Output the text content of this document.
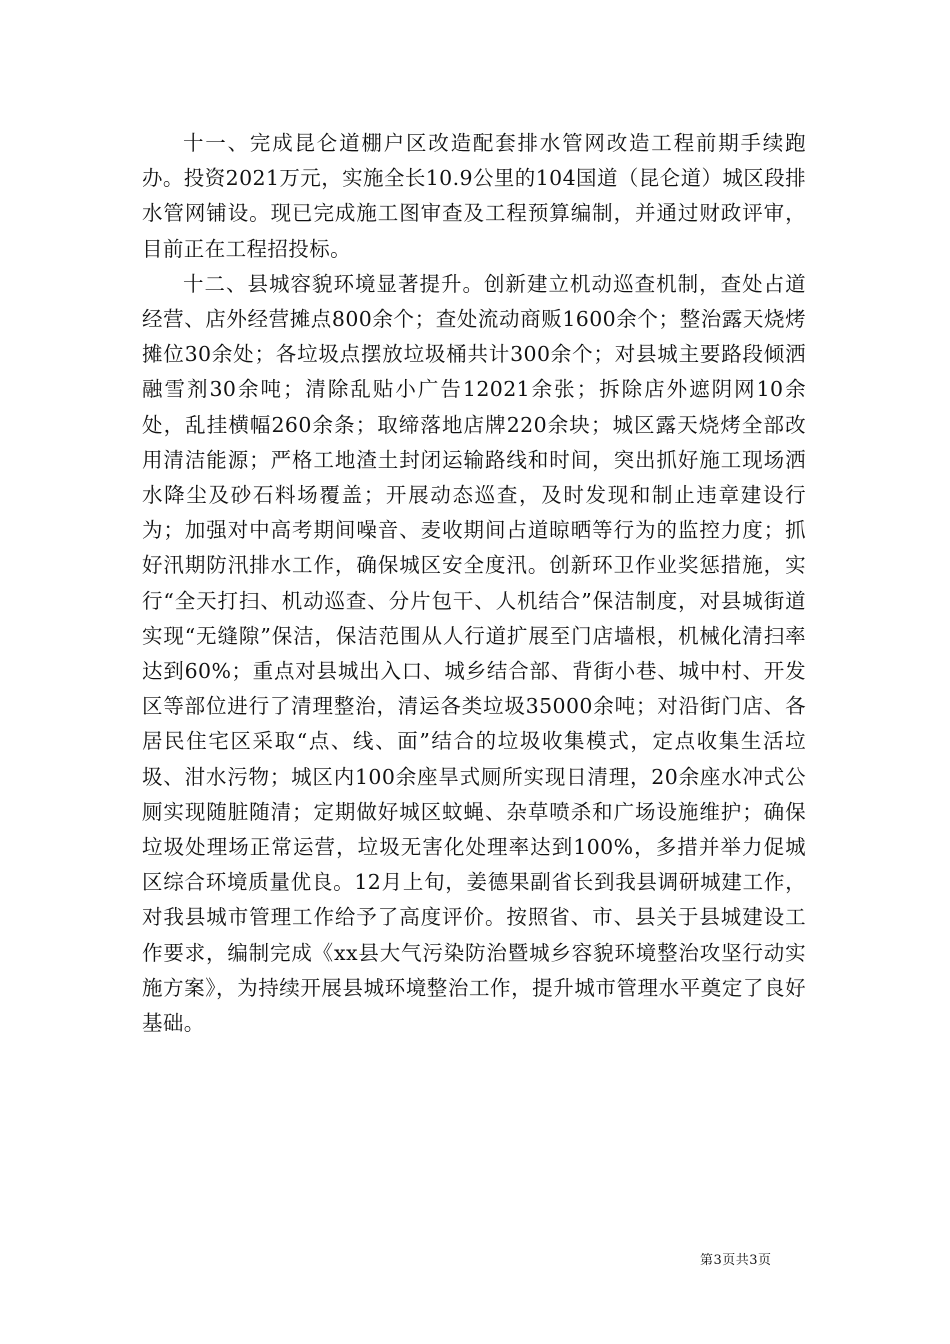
十一、完成昆仑道棚户区改造配套排水管网改造工程前期手续跑办。投资2021万元，实施全长10.9公里的104国道（昆仑道）城区段排水管网铺设。现已完成施工图审查及工程预算编制，并通过财政评审，目前正在工程招投标。

十二、县城容貌环境显著提升。创新建立机动巡查机制，查处占道经营、店外经营摊点800余个；查处流动商贩1600余个；整治露天烧烤摊位30余处；各垃圾点摆放垃圾桶共计300余个；对县城主要路段倾洒融雪剂30余吨；清除乱贴小广告12021余张；拆除店外遮阴网10余处，乱挂横幅260余条；取缔落地店牌220余块；城区露天烧烤全部改用清洁能源；严格工地渣土封闭运输路线和时间，突出抓好施工现场洒水降尘及砂石料场覆盖；开展动态巡查，及时发现和制止违章建设行为；加强对中高考期间噪音、麦收期间占道晾晒等行为的监控力度；抓好汛期防汛排水工作，确保城区安全度汛。创新环卫作业奖惩措施，实行“全天打扫、机动巡查、分片包干、人机结合”保洁制度，对县城街道实现“无缝隙”保洁，保洁范围从人行道扩展至门店墙根，机械化清扫率达到60%；重点对县城出入口、城乡结合部、背街小巷、城中村、开发区等部位进行了清理整治，清运各类垃圾35000余吨；对沿街门店、各居民住宅区采取“点、线、面”结合的垃圾收集模式，定点收集生活垃圾、泔水污物；城区内100余座旱式厕所实现日清理，20余座水冲式公厕实现随脏随清；定期做好城区蚊蝇、杂草喷杀和广场设施维护；确保垃圾处理场正常运营，垃圾无害化处理率达到100%，多措并举力促城区综合环境质量优良。12月上旬，姜德果副省长到我县调研城建工作，对我县城市管理工作给予了高度评价。按照省、市、县关于县城建设工作要求，编制完成《xx县大气污染防治暨城乡容貌环境整治攻坚行动实施方案》，为持续开展县城环境整治工作，提升城市管理水平奠定了良好基础。

第3页共3页
